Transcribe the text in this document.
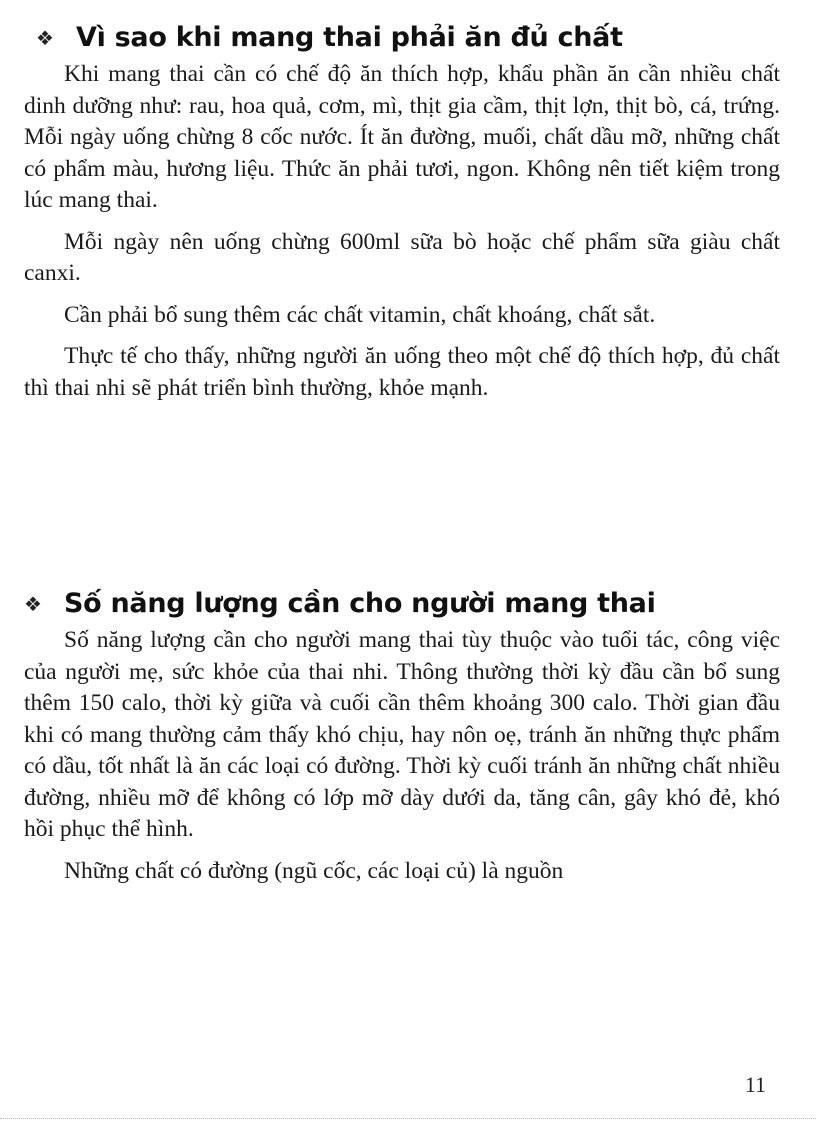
❖ Vì sao khi mang thai phải ăn đủ chất

Khi mang thai cần có chế độ ăn thích hợp, khẩu phần ăn cần nhiều chất dinh dưỡng như: rau, hoa quả, cơm, mì, thịt gia cầm, thịt lợn, thịt bò, cá, trứng. Mỗi ngày uống chừng 8 cốc nước. Ít ăn đường, muối, chất dầu mỡ, những chất có phẩm màu, hương liệu. Thức ăn phải tươi, ngon. Không nên tiết kiệm trong lúc mang thai.

Mỗi ngày nên uống chừng 600ml sữa bò hoặc chế phẩm sữa giàu chất canxi.

Cần phải bổ sung thêm các chất vitamin, chất khoáng, chất sắt.

Thực tế cho thấy, những người ăn uống theo một chế độ thích hợp, đủ chất thì thai nhi sẽ phát triển bình thường, khỏe mạnh.

❖ Số năng lượng cần cho người mang thai

Số năng lượng cần cho người mang thai tùy thuộc vào tuổi tác, công việc của người mẹ, sức khỏe của thai nhi. Thông thường thời kỳ đầu cần bổ sung thêm 150 calo, thời kỳ giữa và cuối cần thêm khoảng 300 calo. Thời gian đầu khi có mang thường cảm thấy khó chịu, hay nôn oẹ, tránh ăn những thực phẩm có dầu, tốt nhất là ăn các loại có đường. Thời kỳ cuối tránh ăn những chất nhiều đường, nhiều mỡ để không có lớp mỡ dày dưới da, tăng cân, gây khó đẻ, khó hồi phục thể hình.

Những chất có đường (ngũ cốc, các loại củ) là nguồn

11
